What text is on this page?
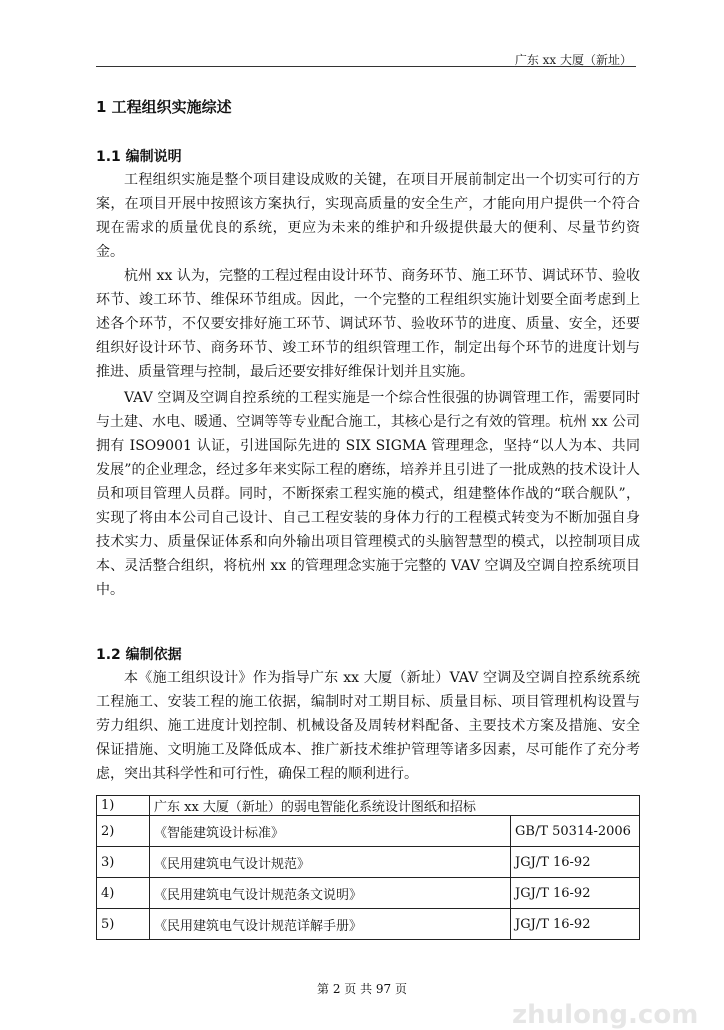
广东 xx 大厦（新址）
1 工程组织实施综述
1.1 编制说明

工程组织实施是整个项目建设成败的关键，在项目开展前制定出一个切实可行的方案，在项目开展中按照该方案执行，实现高质量的安全生产，才能向用户提供一个符合现在需求的质量优良的系统，更应为未来的维护和升级提供最大的便利、尽量节约资金。

杭州 xx 认为，完整的工程过程由设计环节、商务环节、施工环节、调试环节、验收环节、竣工环节、维保环节组成。因此，一个完整的工程组织实施计划要全面考虑到上述各个环节，不仅要安排好施工环节、调试环节、验收环节的进度、质量、安全，还要组织好设计环节、商务环节、竣工环节的组织管理工作，制定出每个环节的进度计划与推进、质量管理与控制，最后还要安排好维保计划并且实施。

VAV 空调及空调自控系统的工程实施是一个综合性很强的协调管理工作，需要同时与土建、水电、暖通、空调等等专业配合施工，其核心是行之有效的管理。杭州 xx 公司拥有 ISO9001 认证，引进国际先进的 SIX SIGMA 管理理念，坚持“以人为本、共同发展”的企业理念，经过多年来实际工程的磨练，培养并且引进了一批成熟的技术设计人员和项目管理人员群。同时，不断探索工程实施的模式，组建整体作战的“联合舰队”，实现了将由本公司自己设计、自己工程安装的身体力行的工程模式转变为不断加强自身技术实力、质量保证体系和向外输出项目管理模式的头脑智慧型的模式，以控制项目成本、灵活整合组织，将杭州 xx 的管理理念实施于完整的 VAV 空调及空调自控系统项目中。

1.2 编制依据

本《施工组织设计》作为指导广东 xx 大厦（新址）VAV 空调及空调自控系统系统工程施工、安装工程的施工依据，编制时对工期目标、质量目标、项目管理机构设置与劳力组织、施工进度计划控制、机械设备及周转材料配备、主要技术方案及措施、安全保证措施、文明施工及降低成本、推广新技术维护管理等诸多因素，尽可能作了充分考虑，突出其科学性和可行性，确保工程的顺利进行。

1)	广东 xx 大厦（新址）的弱电智能化系统设计图纸和招标	
2)	《智能建筑设计标准》	GB/T 50314-2006
3)	《民用建筑电气设计规范》	JGJ/T 16-92
4)	《民用建筑电气设计规范条文说明》	JGJ/T 16-92
5)	《民用建筑电气设计规范详解手册》	JGJ/T 16-92
第 2 页 共 97 页
zhulong.com
